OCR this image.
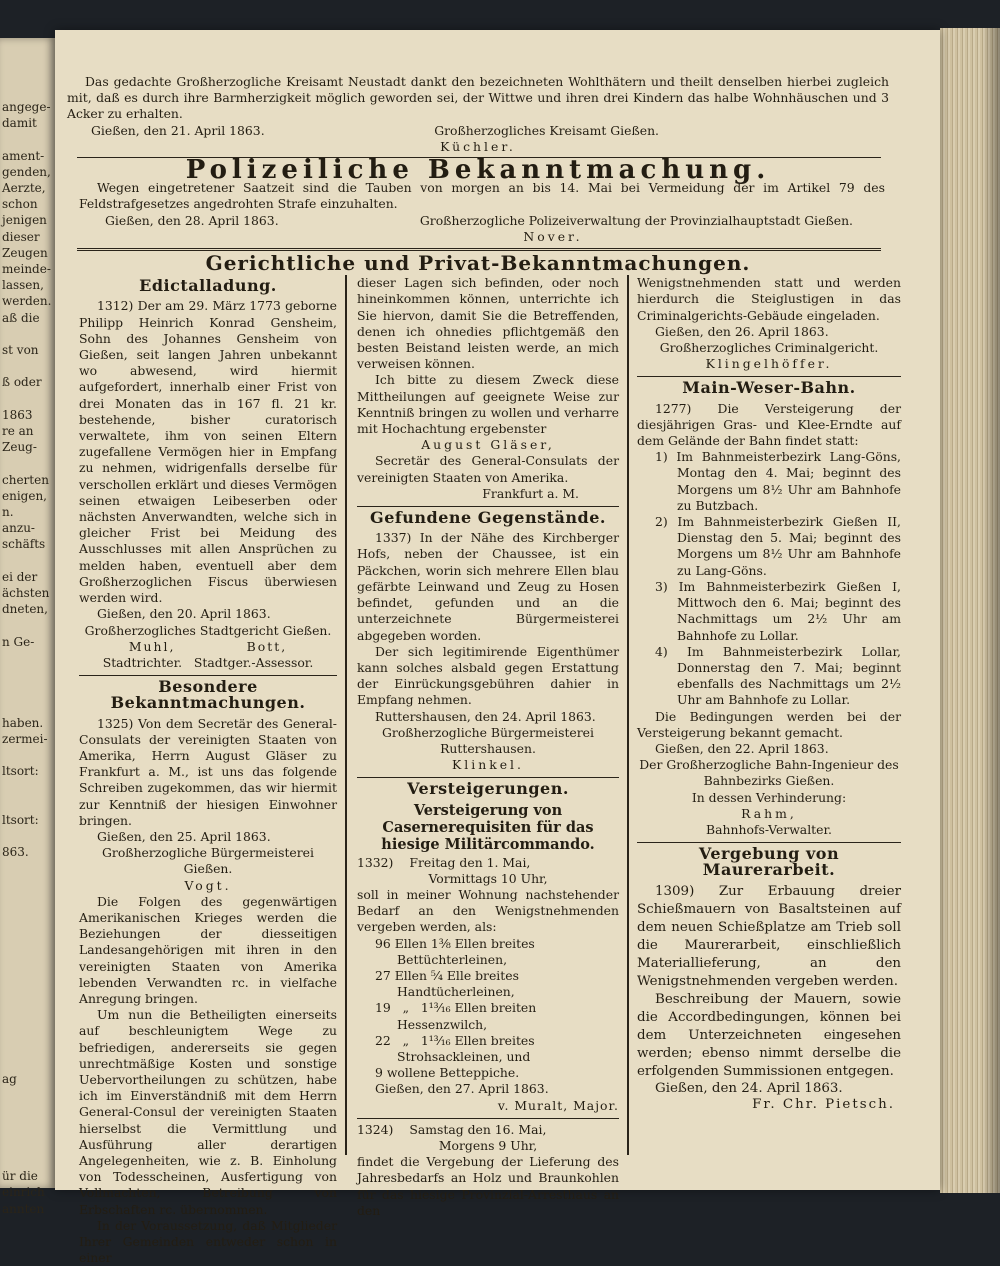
angege-
damit
ament-
genden,
Aerzte,
schon
jenigen
dieser
Zeugen
meinde-
lassen,
werden.
aß die
st von
ß oder
1863
re an
Zeug-
cherten
enigen,
n.
anzu-
schäfts
ei der
ächsten
dneten,
n Ge-
haben.
zermei-
ltsort:
ltsort:
863.
ag
ür die
einrich
annten

Das gedachte Großherzogliche Kreisamt Neustadt dankt den bezeichneten Wohlthätern und theilt denselben hierbei zugleich mit, daß es durch ihre Barmherzigkeit möglich geworden sei, der Wittwe und ihren drei Kindern das halbe Wohnhäuschen und 3 Acker zu erhalten.

Gießen, den 21. April 1863.	Großherzogliches Kreisamt Gießen.

Küchler.

Polizeiliche Bekanntmachung.

Wegen eingetretener Saatzeit sind die Tauben von morgen an bis 14. Mai bei Vermeidung der im Artikel 79 des Feldstrafgesetzes angedrohten Strafe einzuhalten.

Gießen, den 28. April 1863.	Großherzogliche Polizeiverwaltung der Provinzialhauptstadt Gießen.

Nover.

Gerichtliche und Privat-Bekanntmachungen.

Edictalladung.

1312) Der am 29. März 1773 geborne Philipp Heinrich Konrad Gensheim, Sohn des Johannes Gensheim von Gießen, seit langen Jahren unbekannt wo abwesend, wird hiermit aufgefordert, innerhalb einer Frist von drei Monaten das in 167 fl. 21 kr. bestehende, bisher curatorisch verwaltete, ihm von seinen Eltern zugefallene Vermögen hier in Empfang zu nehmen, widrigenfalls derselbe für verschollen erklärt und dieses Vermögen seinen etwaigen Leibeserben oder nächsten Anverwandten, welche sich in gleicher Frist bei Meidung des Ausschlusses mit allen Ansprüchen zu melden haben, eventuell aber dem Großherzoglichen Fiscus überwiesen werden wird.

Gießen, den 20. April 1863.

Großherzogliches Stadtgericht Gießen.

Muhl,            Bott,

Stadtrichter.   Stadtger.-Assessor.

Besondere Bekanntmachungen.

1325) Von dem Secretär des General-Consulats der vereinigten Staaten von Amerika, Herrn August Gläser zu Frankfurt a. M., ist uns das folgende Schreiben zugekommen, das wir hiermit zur Kenntniß der hiesigen Einwohner bringen.

Gießen, den 25. April 1863.

Großherzogliche Bürgermeisterei Gießen.

Vogt.

Die Folgen des gegenwärtigen Amerikanischen Krieges werden die Beziehungen der diesseitigen Landesangehörigen mit ihren in den vereinigten Staaten von Amerika lebenden Verwandten rc. in vielfache Anregung bringen.

Um nun die Betheiligten einerseits auf beschleunigtem Wege zu befriedigen, andererseits sie gegen unrechtmäßige Kosten und sonstige Uebervortheilungen zu schützen, habe ich im Einverständniß mit dem Herrn General-Consul der vereinigten Staaten hierselbst die Vermittlung und Ausführung aller derartigen Angelegenheiten, wie z. B. Einholung von Todesscheinen, Ausfertigung von Vollmachten, Betreibung von Erbschaften rc. übernommen.

In der Voraussetzung, daß Mitglieder Ihrer Gemeinden entweder schon in einer

dieser Lagen sich befinden, oder noch hineinkommen können, unterrichte ich Sie hiervon, damit Sie die Betreffenden, denen ich ohnedies pflichtgemäß den besten Beistand leisten werde, an mich verweisen können.

Ich bitte zu diesem Zweck diese Mittheilungen auf geeignete Weise zur Kenntniß bringen zu wollen und verharre mit Hochachtung ergebenster

August Gläser,

Secretär des General-Consulats der vereinigten Staaten von Amerika.

Frankfurt a. M.

Gefundene Gegenstände.

1337) In der Nähe des Kirchberger Hofs, neben der Chaussee, ist ein Päckchen, worin sich mehrere Ellen blau gefärbte Leinwand und Zeug zu Hosen befindet, gefunden und an die unterzeichnete Bürgermeisterei abgegeben worden.

Der sich legitimirende Eigenthümer kann solches alsbald gegen Erstattung der Einrückungsgebühren dahier in Empfang nehmen.

Ruttershausen, den 24. April 1863.

Großherzogliche Bürgermeisterei Ruttershausen.

Klinkel.

Versteigerungen.

Versteigerung von Casernerequisiten für das hiesige Militärcommando.

1332) Freitag den 1. Mai,

Vormittags 10 Uhr,

soll in meiner Wohnung nachstehender Bedarf an den Wenigstnehmenden vergeben werden, als:

96 Ellen 1³⁄₈ Ellen breites Bettüchterleinen,

27 Ellen ⁵⁄₄ Elle breites Handtücherleinen,

19   „   1¹³⁄₁₆ Ellen breiten Hessenzwilch,

22   „   1¹³⁄₁₆ Ellen breites Strohsackleinen, und

9 wollene Betteppiche.

Gießen, den 27. April 1863.

v. Muralt, Major.

1324) Samstag den 16. Mai,

Morgens 9 Uhr,

findet die Vergebung der Lieferung des Jahresbedarfs an Holz und Braunkohlen für das hiesige Provinzial-Arresthaus an den

Wenigstnehmenden statt und werden hierdurch die Steiglustigen in das Criminalgerichts-Gebäude eingeladen.

Gießen, den 26. April 1863.

Großherzogliches Criminalgericht.

Klingelhöffer.

Main-Weser-Bahn.

1277) Die Versteigerung der diesjährigen Gras- und Klee-Erndte auf dem Gelände der Bahn findet statt:

1) Im Bahnmeisterbezirk Lang-Göns, Montag den 4. Mai; beginnt des Morgens um 8½ Uhr am Bahnhofe zu Butzbach.

2) Im Bahnmeisterbezirk Gießen II, Dienstag den 5. Mai; beginnt des Morgens um 8½ Uhr am Bahnhofe zu Lang-Göns.

3) Im Bahnmeisterbezirk Gießen I, Mittwoch den 6. Mai; beginnt des Nachmittags um 2½ Uhr am Bahnhofe zu Lollar.

4) Im Bahnmeisterbezirk Lollar, Donnerstag den 7. Mai; beginnt ebenfalls des Nachmittags um 2½ Uhr am Bahnhofe zu Lollar.

Die Bedingungen werden bei der Versteigerung bekannt gemacht.

Gießen, den 22. April 1863.

Der Großherzogliche Bahn-Ingenieur des Bahnbezirks Gießen.

In dessen Verhinderung:

Rahm,

Bahnhofs-Verwalter.

Vergebung von Maurerarbeit.

1309) Zur Erbauung dreier Schießmauern von Basaltsteinen auf dem neuen Schießplatze am Trieb soll die Maurerarbeit, einschließlich Materiallieferung, an den Wenigstnehmenden vergeben werden.

Beschreibung der Mauern, sowie die Accordbedingungen, können bei dem Unterzeichneten eingesehen werden; ebenso nimmt derselbe die erfolgenden Summissionen entgegen.

Gießen, den 24. April 1863.

Fr. Chr. Pietsch.
